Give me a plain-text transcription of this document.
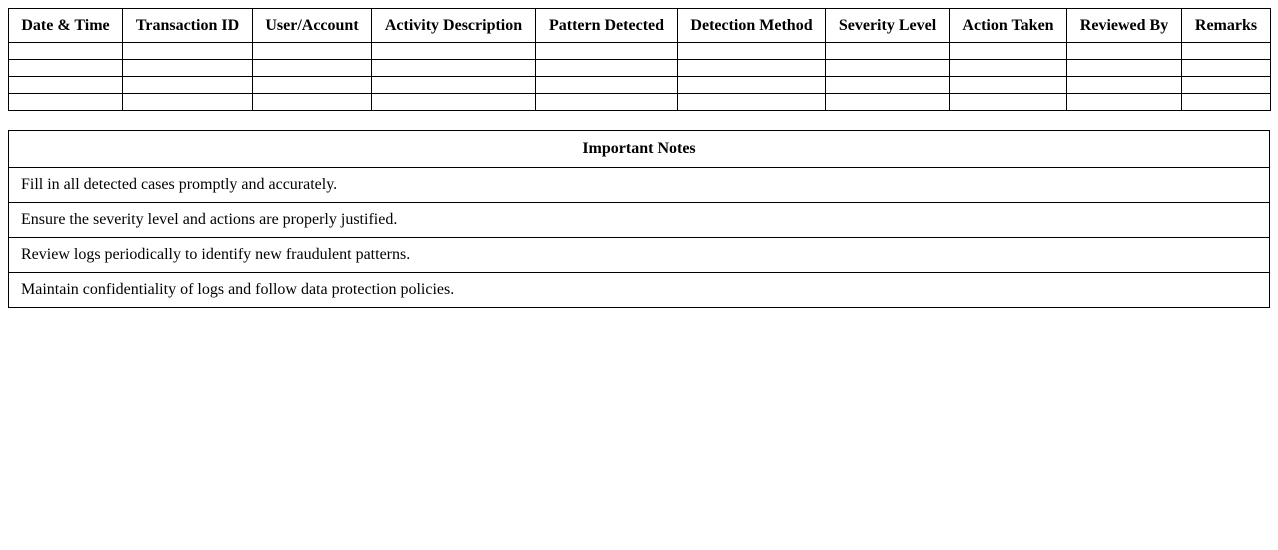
Date & Time	Transaction ID	User/Account	Activity Description	Pattern Detected	Detection Method	Severity Level	Action Taken	Reviewed By	Remarks

Important Notes
Fill in all detected cases promptly and accurately.
Ensure the severity level and actions are properly justified.
Review logs periodically to identify new fraudulent patterns.
Maintain confidentiality of logs and follow data protection policies.
